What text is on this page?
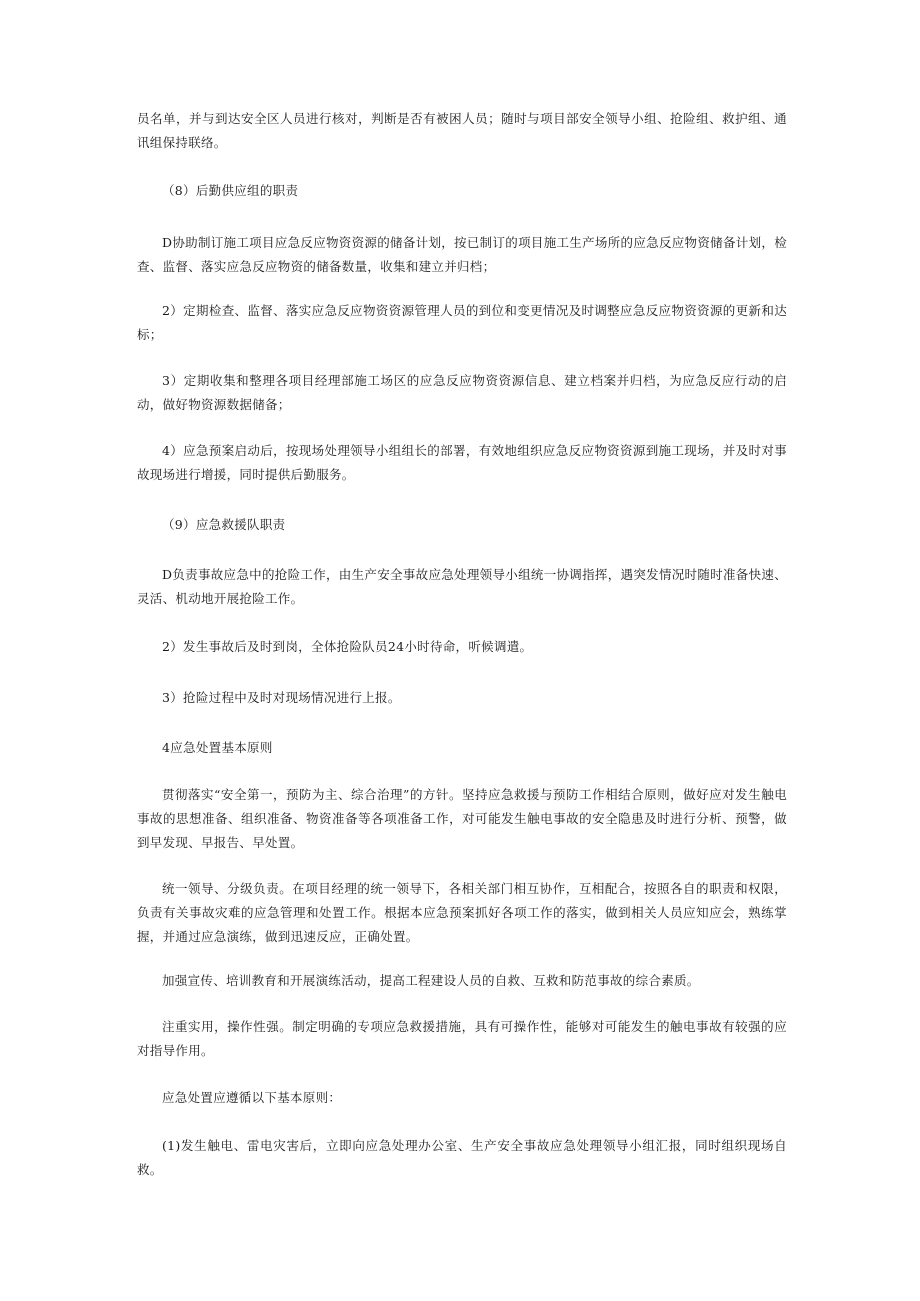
员名单，并与到达安全区人员进行核对，判断是否有被困人员；随时与项目部安全领导小组、抢险组、救护组、通讯组保持联络。

（8）后勤供应组的职责

D协助制订施工项目应急反应物资资源的储备计划，按已制订的项目施工生产场所的应急反应物资储备计划，检查、监督、落实应急反应物资的储备数量，收集和建立并归档；

2）定期检查、监督、落实应急反应物资资源管理人员的到位和变更情况及时调整应急反应物资资源的更新和达标；

3）定期收集和整理各项目经理部施工场区的应急反应物资资源信息、建立档案并归档，为应急反应行动的启动，做好物资源数据储备；

4）应急预案启动后，按现场处理领导小组组长的部署，有效地组织应急反应物资资源到施工现场，并及时对事故现场进行增援，同时提供后勤服务。

（9）应急救援队职责

D负责事故应急中的抢险工作，由生产安全事故应急处理领导小组统一协调指挥，遇突发情况时随时准备快速、灵活、机动地开展抢险工作。

2）发生事故后及时到岗，全体抢险队员24小时待命，听候调遣。

3）抢险过程中及时对现场情况进行上报。

4应急处置基本原则

贯彻落实“安全第一，预防为主、综合治理”的方针。坚持应急救援与预防工作相结合原则，做好应对发生触电事故的思想准备、组织准备、物资准备等各项准备工作，对可能发生触电事故的安全隐患及时进行分析、预警，做到早发现、早报告、早处置。

统一领导、分级负责。在项目经理的统一领导下，各相关部门相互协作，互相配合，按照各自的职责和权限，负责有关事故灾难的应急管理和处置工作。根据本应急预案抓好各项工作的落实，做到相关人员应知应会，熟练掌握，并通过应急演练，做到迅速反应，正确处置。

加强宣传、培训教育和开展演练活动，提高工程建设人员的自救、互救和防范事故的综合素质。

注重实用，操作性强。制定明确的专项应急救援措施，具有可操作性，能够对可能发生的触电事故有较强的应对指导作用。

应急处置应遵循以下基本原则：

(1)发生触电、雷电灾害后，立即向应急处理办公室、生产安全事故应急处理领导小组汇报，同时组织现场自救。
